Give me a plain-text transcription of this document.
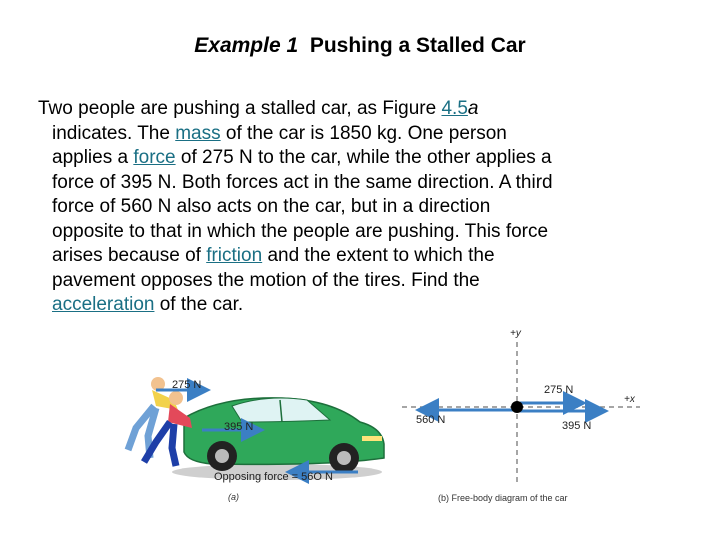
Example 1 Pushing a Stalled Car
Two people are pushing a stalled car, as Figure 4.5a
indicates. The mass of the car is 1850 kg. One person
applies a force of 275 N to the car, while the other applies a
force of 395 N. Both forces act in the same direction. A third
force of 560 N also acts on the car, but in a direction
opposite to that in which the people are pushing. This force
arises because of friction and the extent to which the
pavement opposes the motion of the tires. Find the
acceleration of the car.
275 N
395 N
Opposing force = 56O N
(a)
+y
+x
275 N
560 N	395 N
(b) Free-body diagram of the car
